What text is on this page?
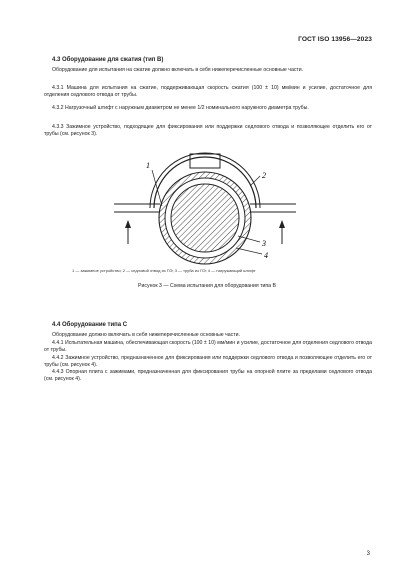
ГОСТ ISO 13956—2023
4.3 Оборудование для сжатия (тип В)
Оборудование для испытания на сжатие должно включать в себя нижеперечисленные основные части.
4.3.1 Машина для испытания на сжатие, поддерживающая скорость сжатия (100 ± 10) мм/мин и усилие, достаточное для отделения седлового отвода от трубы.
4.3.2 Нагрузочный штифт с наружным диаметром не менее 1/2 номинального наружного диаметра трубы.
4.3.3 Зажимное устройство, подходящее для фиксирования или поддержки седлового отвода и позволяющее отделить его от трубы (см. рисунок 3).
1
2
3
4
1 — зажимное устройство; 2 — седловой отвод из ПЭ; 3 — труба из ПЭ; 4 — нагружающий штифт
Рисунок 3 — Схема испытания для оборудования типа В
4.4 Оборудование типа С
Оборудование должно включать в себя нижеперечисленные основные части.
4.4.1 Испытательная машина, обеспечивающая скорость (100 ± 10) мм/мин и усилие, достаточное для отделения седлового отвода от трубы.
4.4.2 Зажимное устройство, предназначенное для фиксирования или поддержки седлового отвода и позволяющее отделить его от трубы (см. рисунок 4).
4.4.3 Опорная плита с зажимами, предназначенная для фиксирования трубы на опорной плите за пределами седлового отвода (см. рисунок 4).
3
